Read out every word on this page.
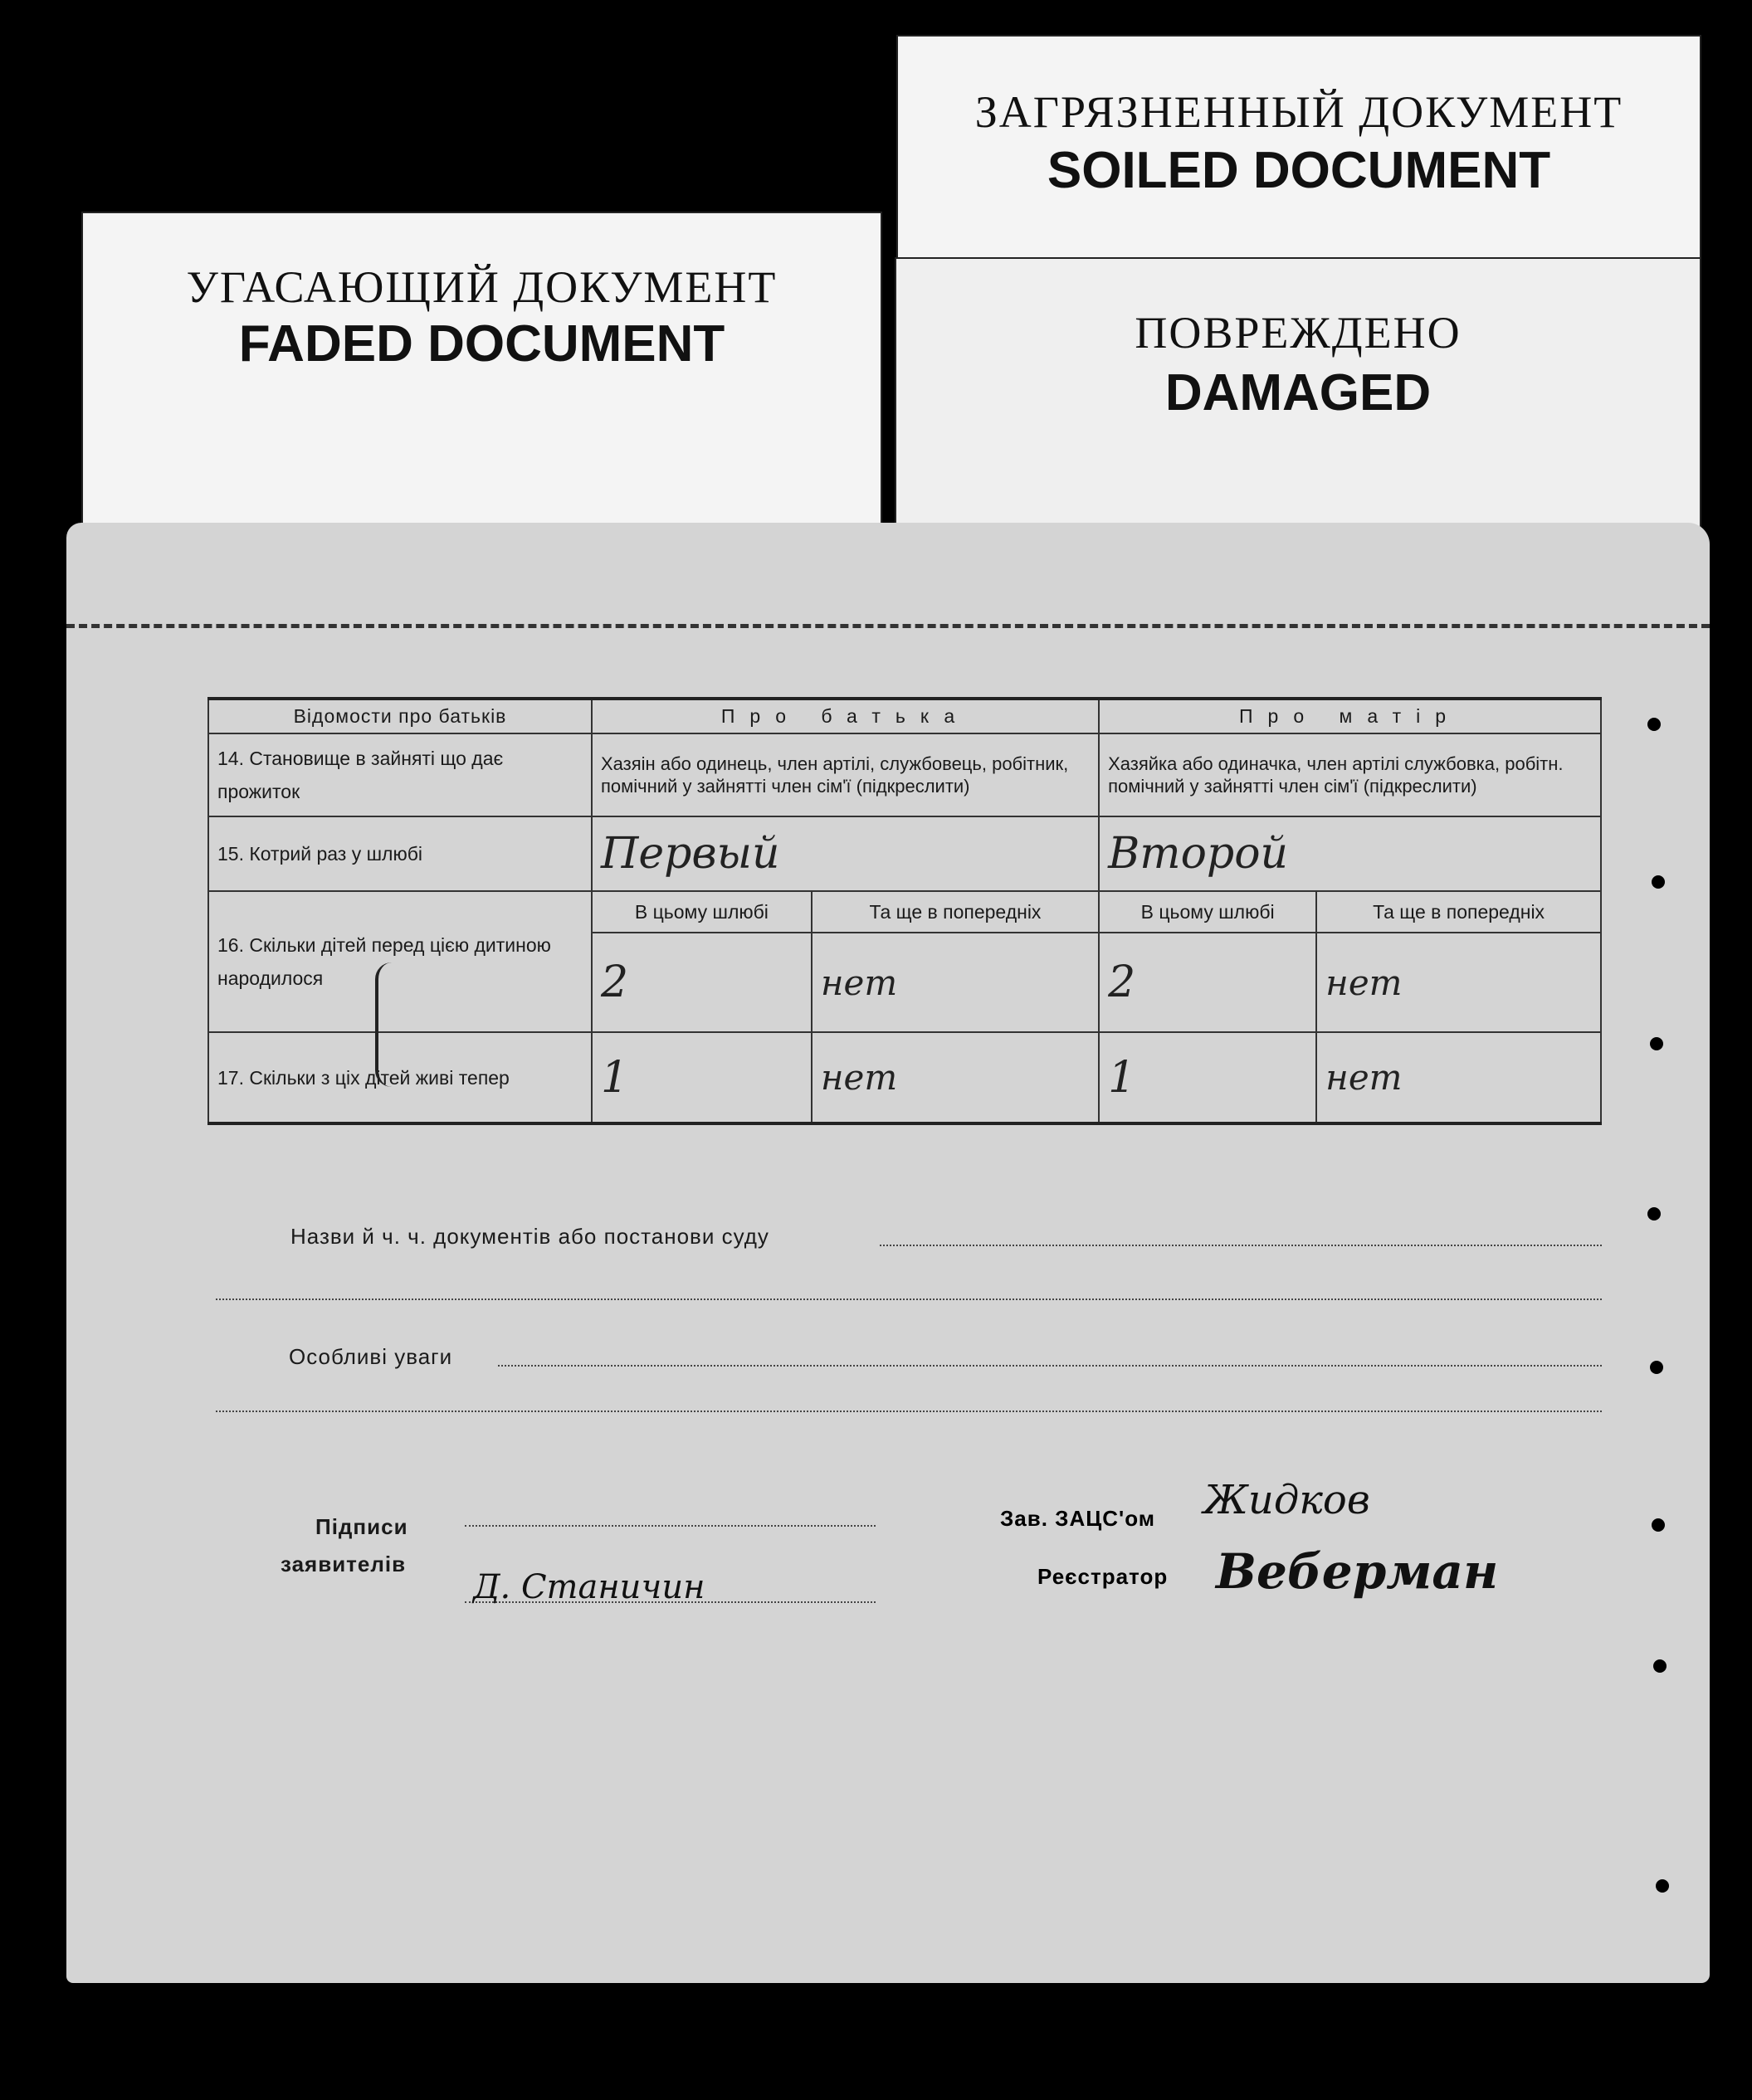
ЗАГРЯЗНЕННЫЙ ДОКУМЕНТ
SOILED DOCUMENT
ПОВРЕЖДЕНО
DAMAGED
УГАСАЮЩИЙ ДОКУМЕНТ
FADED DOCUMENT
Відомости про батьків	Про батька		Про матір	
14. Становище в зайняті що дає прожиток	Хазяін або одинець, член артілі, службовець, робітник, помічний у зайнятті член сім'ї (підкреслити)		Хазяйка або одиначка, член артілі службовка, робітн. помічний у зайнятті член сім'ї (підкреслити)	
15. Котрий раз у шлюбі	Первый		Второй	
16. Скільки дітей перед цією дитиною народилося	В цьому шлюбі	Та ще в попередніх	В цьому шлюбі	Та ще в попередніх
	2	нет	2	нет
17. Скільки з ціх дітей живі тепер	1	нет	1	нет
Назви й ч. ч. документів або постанови суду
Особливі уваги
Підписи
заявителів
Д. Станичин
Зав. ЗАЦС'ом Жидков
Реєстратор Веберман
